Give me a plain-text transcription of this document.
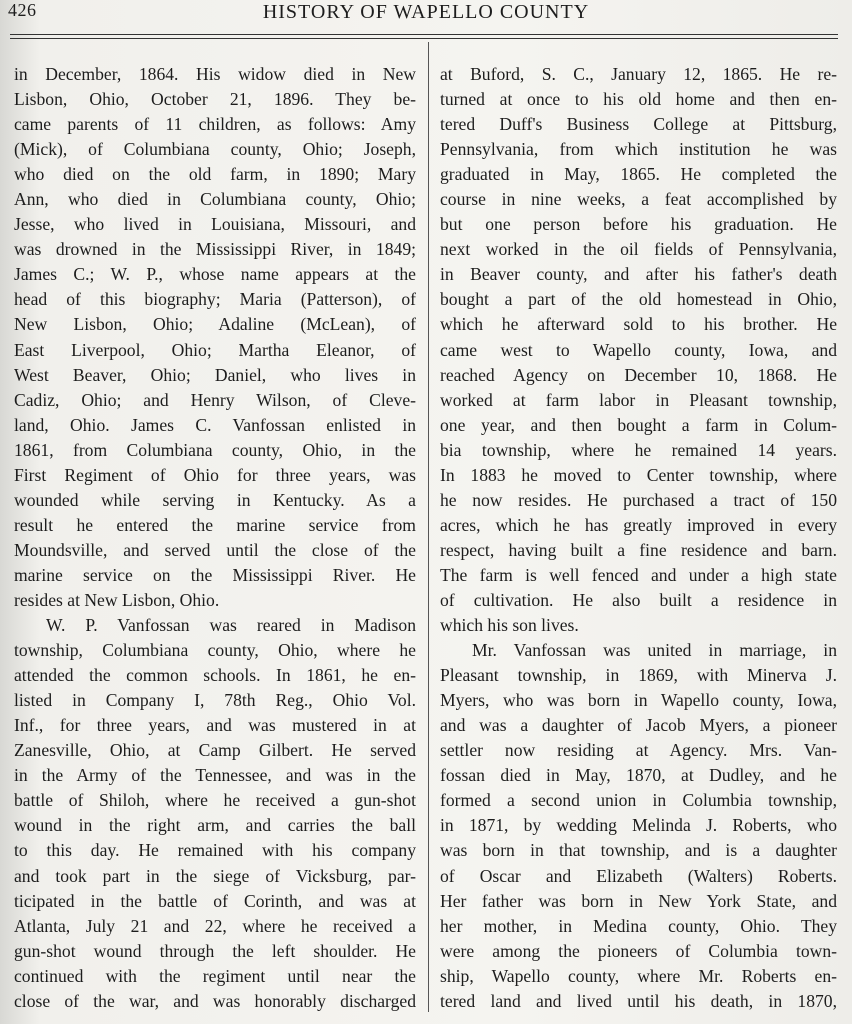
426	HISTORY OF WAPELLO COUNTY
in December, 1864. His widow died in New
Lisbon, Ohio, October 21, 1896. They be-
came parents of 11 children, as follows: Amy
(Mick), of Columbiana county, Ohio; Joseph,
who died on the old farm, in 1890; Mary
Ann, who died in Columbiana county, Ohio;
Jesse, who lived in Louisiana, Missouri, and
was drowned in the Mississippi River, in 1849;
James C.; W. P., whose name appears at the
head of this biography; Maria (Patterson), of
New Lisbon, Ohio; Adaline (McLean), of
East Liverpool, Ohio; Martha Eleanor, of
West Beaver, Ohio; Daniel, who lives in
Cadiz, Ohio; and Henry Wilson, of Cleve-
land, Ohio. James C. Vanfossan enlisted in
1861, from Columbiana county, Ohio, in the
First Regiment of Ohio for three years, was
wounded while serving in Kentucky. As a
result he entered the marine service from
Moundsville, and served until the close of the
marine service on the Mississippi River. He
resides at New Lisbon, Ohio.
W. P. Vanfossan was reared in Madison
township, Columbiana county, Ohio, where he
attended the common schools. In 1861, he en-
listed in Company I, 78th Reg., Ohio Vol.
Inf., for three years, and was mustered in at
Zanesville, Ohio, at Camp Gilbert. He served
in the Army of the Tennessee, and was in the
battle of Shiloh, where he received a gun-shot
wound in the right arm, and carries the ball
to this day. He remained with his company
and took part in the siege of Vicksburg, par-
ticipated in the battle of Corinth, and was at
Atlanta, July 21 and 22, where he received a
gun-shot wound through the left shoulder. He
continued with the regiment until near the
close of the war, and was honorably discharged
at Buford, S. C., January 12, 1865. He re-
turned at once to his old home and then en-
tered Duff's Business College at Pittsburg,
Pennsylvania, from which institution he was
graduated in May, 1865. He completed the
course in nine weeks, a feat accomplished by
but one person before his graduation. He
next worked in the oil fields of Pennsylvania,
in Beaver county, and after his father's death
bought a part of the old homestead in Ohio,
which he afterward sold to his brother. He
came west to Wapello county, Iowa, and
reached Agency on December 10, 1868. He
worked at farm labor in Pleasant township,
one year, and then bought a farm in Colum-
bia township, where he remained 14 years.
In 1883 he moved to Center township, where
he now resides. He purchased a tract of 150
acres, which he has greatly improved in every
respect, having built a fine residence and barn.
The farm is well fenced and under a high state
of cultivation. He also built a residence in
which his son lives.
Mr. Vanfossan was united in marriage, in
Pleasant township, in 1869, with Minerva J.
Myers, who was born in Wapello county, Iowa,
and was a daughter of Jacob Myers, a pioneer
settler now residing at Agency. Mrs. Van-
fossan died in May, 1870, at Dudley, and he
formed a second union in Columbia township,
in 1871, by wedding Melinda J. Roberts, who
was born in that township, and is a daughter
of Oscar and Elizabeth (Walters) Roberts.
Her father was born in New York State, and
her mother, in Medina county, Ohio. They
were among the pioneers of Columbia town-
ship, Wapello county, where Mr. Roberts en-
tered land and lived until his death, in 1870,
